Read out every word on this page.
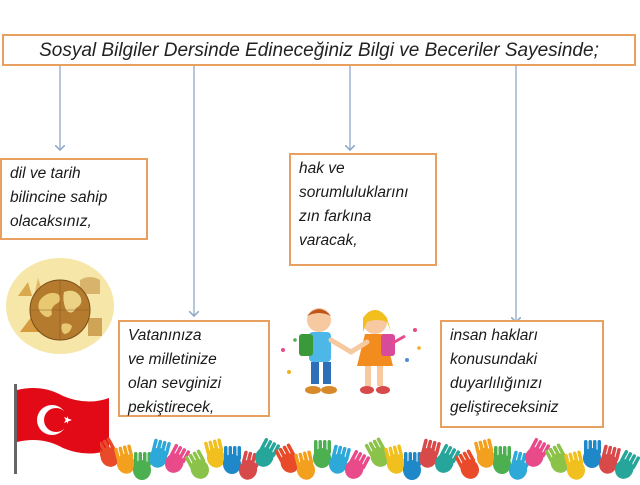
Sosyal Bilgiler Dersinde Edineceğiniz Bilgi ve Beceriler Sayesinde;
dil ve tarih
bilincine sahip
olacaksınız,
hak ve
sorumluluklarını
zın farkına
varacak,
Vatanınıza
ve milletinize
olan sevginizi
pekiştirecek,
insan hakları
konusundaki
duyarlılığınızı
geliştireceksiniz
